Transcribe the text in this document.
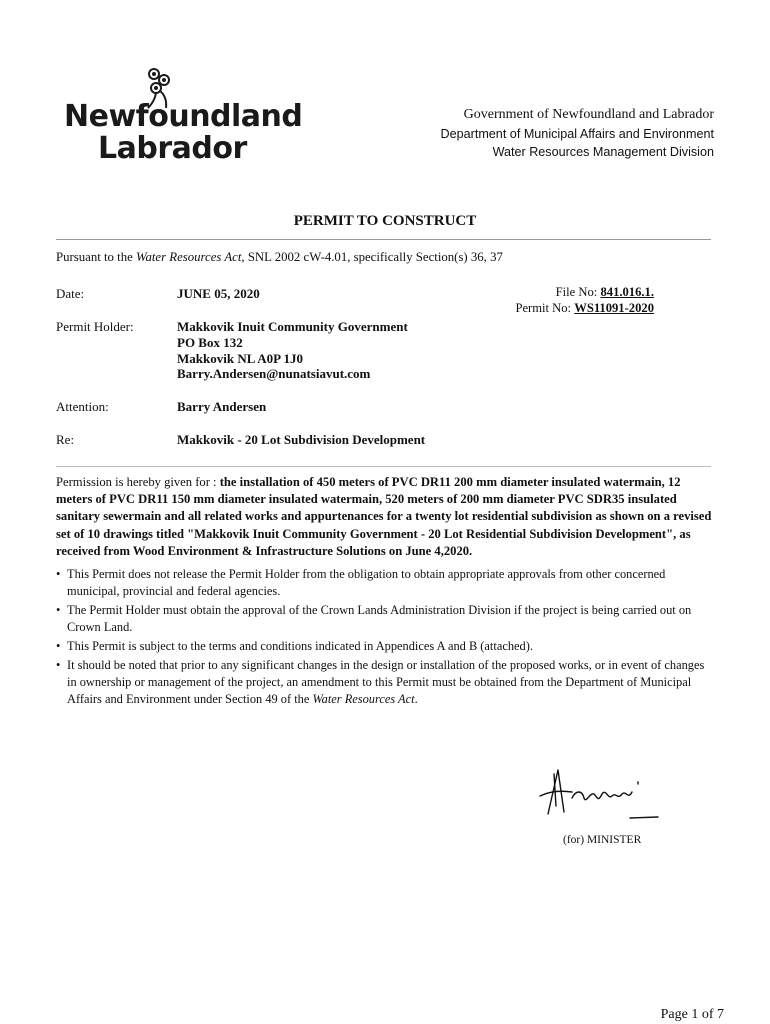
Newfoundland
Labrador
Government of Newfoundland and Labrador
Department of Municipal Affairs and Environment
Water Resources Management Division
PERMIT TO CONSTRUCT
Pursuant to the Water Resources Act, SNL 2002 cW-4.01, specifically Section(s) 36, 37
Date:	JUNE 05, 2020	File No: 841.016.1.
Permit No: WS11091-2020
Permit Holder:	Makkovik Inuit Community Government
PO Box 132
Makkovik NL A0P 1J0
Barry.Andersen@nunatsiavut.com
Attention:	Barry Andersen
Re:	Makkovik - 20 Lot Subdivision Development
Permission is hereby given for : the installation of 450 meters of PVC DR11 200 mm diameter insulated watermain, 12 meters of PVC DR11 150 mm diameter insulated watermain, 520 meters of 200 mm diameter PVC SDR35 insulated sanitary sewermain and all related works and appurtenances for a twenty lot residential subdivision as shown on a revised set of 10 drawings titled "Makkovik Inuit Community Government - 20 Lot Residential Subdivision Development", as received from Wood Environment & Infrastructure Solutions on June 4,2020.
• This Permit does not release the Permit Holder from the obligation to obtain appropriate approvals from other concerned municipal, provincial and federal agencies.
• The Permit Holder must obtain the approval of the Crown Lands Administration Division if the project is being carried out on Crown Land.
• This Permit is subject to the terms and conditions indicated in Appendices A and B (attached).
• It should be noted that prior to any significant changes in the design or installation of the proposed works, or in event of changes in ownership or management of the project, an amendment to this Permit must be obtained from the Department of Municipal Affairs and Environment under Section 49 of the Water Resources Act.
(for) MINISTER
Page 1 of 7
